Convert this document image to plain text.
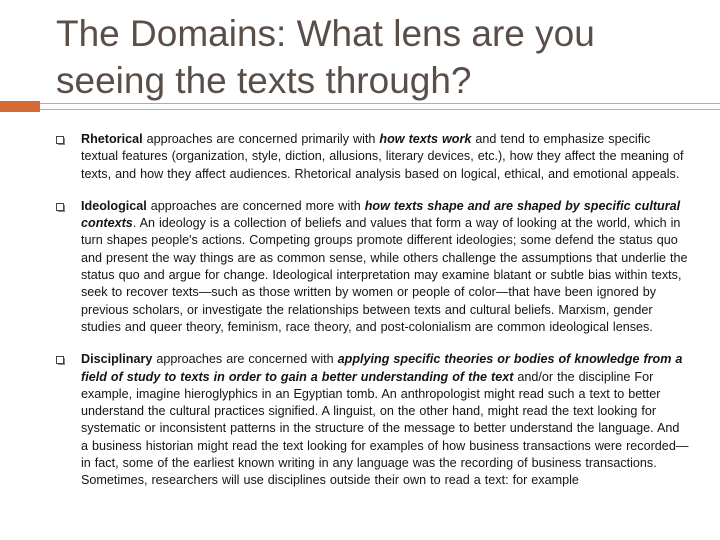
The Domains: What lens are you seeing the texts through?
Rhetorical approaches are concerned primarily with how texts work and tend to emphasize specific textual features (organization, style, diction, allusions, literary devices, etc.), how they affect the meaning of texts, and how they affect audiences. Rhetorical analysis based on logical, ethical, and emotional appeals.
Ideological approaches are concerned more with how texts shape and are shaped by specific cultural contexts. An ideology is a collection of beliefs and values that form a way of looking at the world, which in turn shapes people's actions. Competing groups promote different ideologies; some defend the status quo and present the way things are as common sense, while others challenge the assumptions that underlie the status quo and argue for change. Ideological interpretation may examine blatant or subtle bias within texts, seek to recover texts—such as those written by women or people of color—that have been ignored by previous scholars, or investigate the relationships between texts and cultural beliefs. Marxism, gender studies and queer theory, feminism, race theory, and post-colonialism are common ideological lenses.
Disciplinary approaches are concerned with applying specific theories or bodies of knowledge from a field of study to texts in order to gain a better understanding of the text and/or the discipline For example, imagine hieroglyphics in an Egyptian tomb. An anthropologist might read such a text to better understand the cultural practices signified. A linguist, on the other hand, might read the text looking for systematic or inconsistent patterns in the structure of the message to better understand the language. And a business historian might read the text looking for examples of how business transactions were recorded—in fact, some of the earliest known writing in any language was the recording of business transactions. Sometimes, researchers will use disciplines outside their own to read a text: for example
